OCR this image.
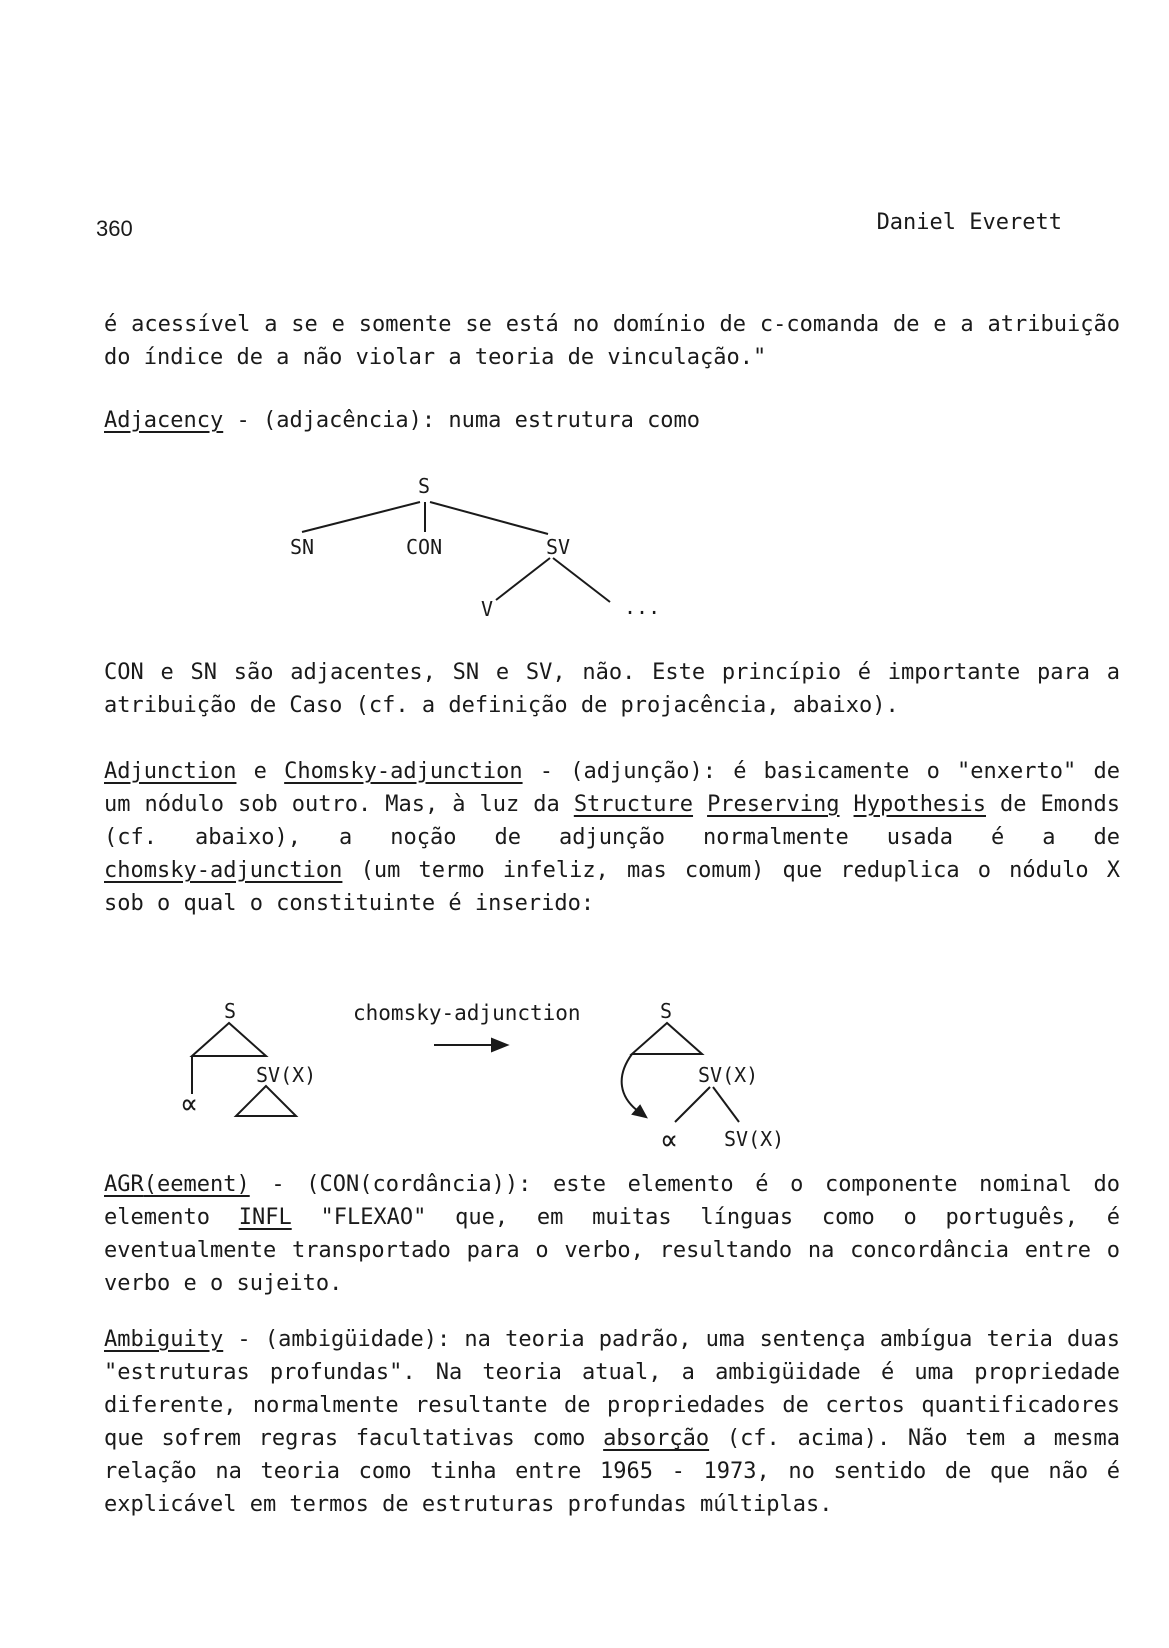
360	Daniel Everett
é acessível a se e somente se está no domínio de c-comanda de e a atribuição
do índice de a não violar a teoria de vinculação."
Adjacency - (adjacência): numa estrutura como
S
SN	CON	SV
V	...
CON e SN são adjacentes, SN e SV, não. Este princípio é importante para a
atribuição de Caso (cf. a definição de projacência, abaixo).
Adjunction e Chomsky-adjunction - (adjunção): é basicamente o "enxerto" de
um nódulo sob outro. Mas, à luz da Structure Preserving Hypothesis de Emonds
(cf. abaixo), a noção de adjunção normalmente usada é a de
chomsky-adjunction (um termo infeliz, mas comum) que reduplica o nódulo X
sob o qual o constituinte é inserido:
S
SV(X)
∝
chomsky-adjunction	S
SV(X)
∝ SV(X)
AGR(eement) - (CON(cordância)): este elemento é o componente nominal do
elemento INFL "FLEXAO" que, em muitas línguas como o português, é
eventualmente transportado para o verbo, resultando na concordância entre o
verbo e o sujeito.
Ambiguity - (ambigüidade): na teoria padrão, uma sentença ambígua teria duas
"estruturas profundas". Na teoria atual, a ambigüidade é uma propriedade
diferente, normalmente resultante de propriedades de certos quantificadores
que sofrem regras facultativas como absorção (cf. acima). Não tem a mesma
relação na teoria como tinha entre 1965 - 1973, no sentido de que não é
explicável em termos de estruturas profundas múltiplas.
